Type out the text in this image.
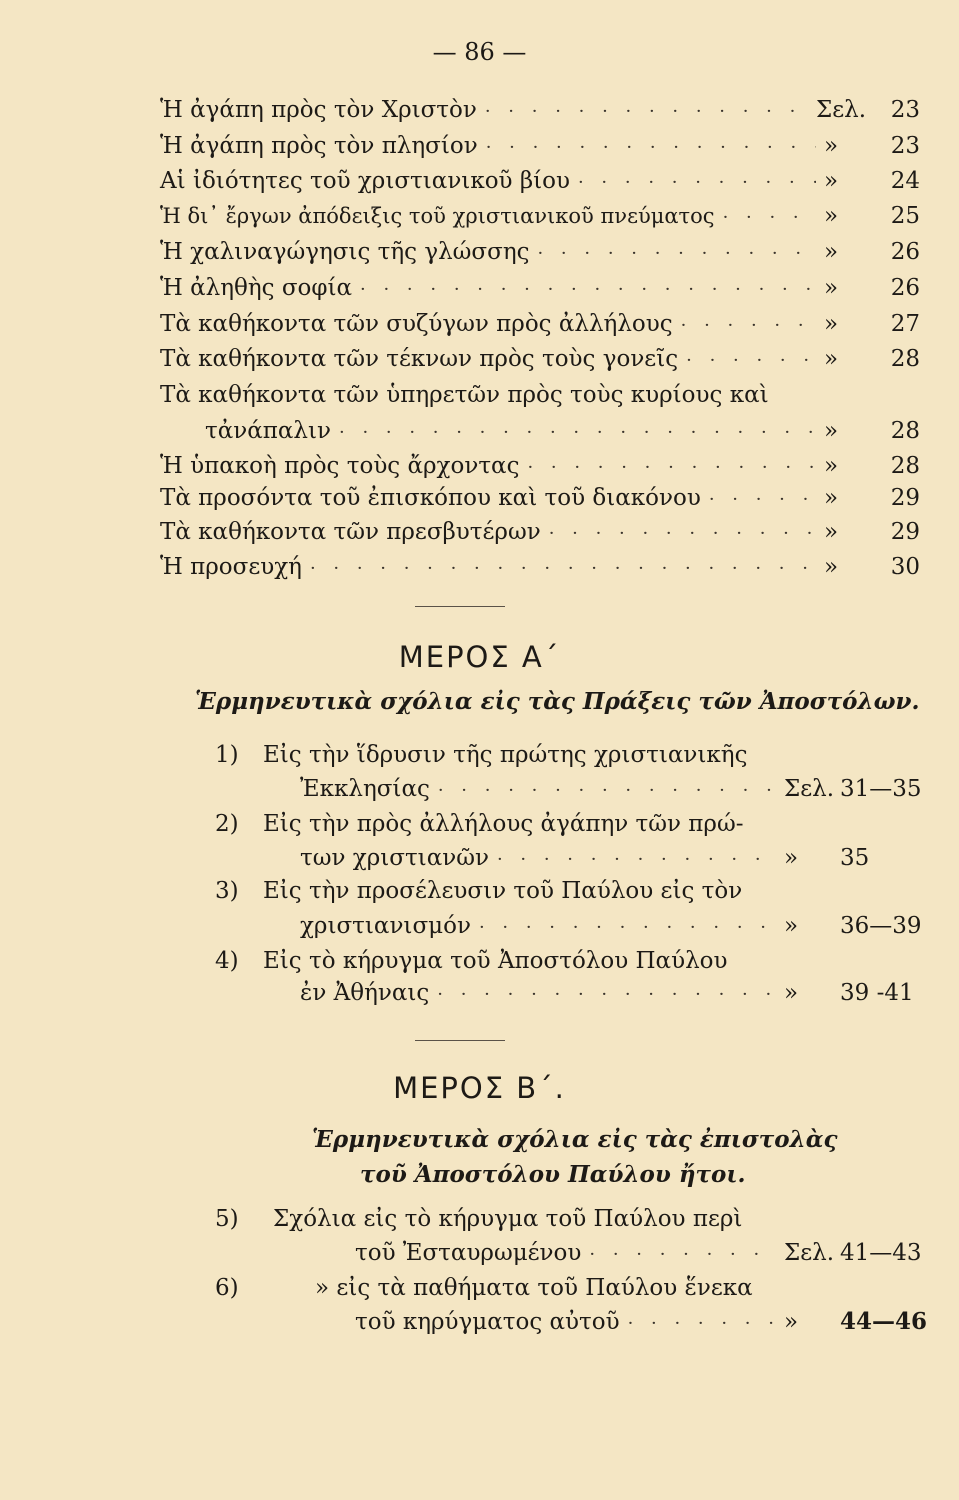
— 86 —
Ἡ ἀγάπη πρὸς τὸν Χριστὸν · · ·	Σελ.	23
Ἡ ἀγάπη πρὸς τὸν πλησίον · · ·	»	23
Αἱ ἰδιότητες τοῦ χριστιανικοῦ βίου · · ·	»	24
Ἡ δι᾽ ἔργων ἀπόδειξις τοῦ χριστιανικοῦ πνεύματος · · ·	»	25
Ἡ χαλιναγώγησις τῆς γλώσσης · · ·	»	26
Ἡ ἀληθὴς σοφία · · ·	»	26
Τὰ καθήκοντα τῶν συζύγων πρὸς ἀλλήλους · · ·	»	27
Τὰ καθήκοντα τῶν τέκνων πρὸς τοὺς γονεῖς · · ·	»	28
Τὰ καθήκοντα τῶν ὑπηρετῶν πρὸς τοὺς κυρίους καὶ
τἀνάπαλιν · · ·	»	28
Ἡ ὑπακοὴ πρὸς τοὺς ἄρχοντας · · ·	»	28
Τὰ προσόντα τοῦ ἐπισκόπου καὶ τοῦ διακόνου · · ·	»	29
Τὰ καθήκοντα τῶν πρεσβυτέρων · · ·	»	29
Ἡ προσευχή · · ·	»	30
ΜΕΡΟΣ Α΄
Ἑρμηνευτικὰ σχόλια εἰς τὰς Πράξεις τῶν Ἀποστόλων.
1) Εἰς τὴν ἵδρυσιν τῆς πρώτης χριστιανικῆς
Ἐκκλησίας · · ·	Σελ. 31—35
2) Εἰς τὴν πρὸς ἀλλήλους ἀγάπην τῶν πρώ-
των χριστιανῶν · · ·	»	35
3) Εἰς τὴν προσέλευσιν τοῦ Παύλου εἰς τὸν
χριστιανισμόν · · ·	»	36—39
4) Εἰς τὸ κήρυγμα τοῦ Ἀποστόλου Παύλου
ἐν Ἀθήναις · · ·	»	39 -41
ΜΕΡΟΣ Β΄.
Ἑρμηνευτικὰ σχόλια εἰς τὰς ἐπιστολὰς
τοῦ Ἀποστόλου Παύλου ἤτοι.
5) Σχόλια εἰς τὸ κήρυγμα τοῦ Παύλου περὶ
τοῦ Ἐσταυρωμένου · · ·	Σελ. 41—43
6)	» εἰς τὰ παθήματα τοῦ Παύλου ἕνεκα
τοῦ κηρύγματος αὐτοῦ · · ·	»	44—46
